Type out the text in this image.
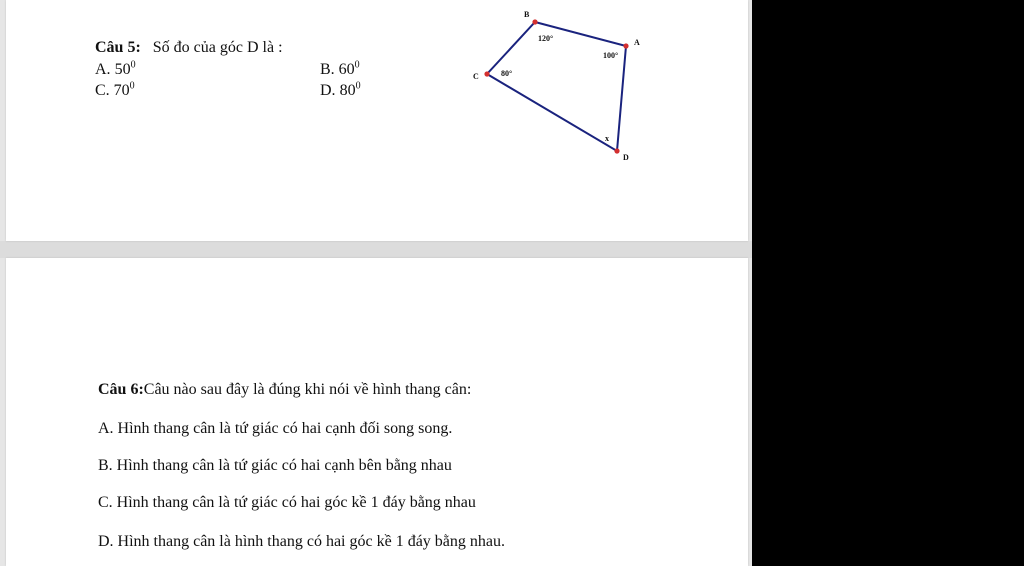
Câu 5: Số đo của góc D là :
A. $50^0$	B. $60^0$
C. $70^0$	D. $80^0$
B
A
D
C
120°
100°
80°
x
Câu 6:Câu nào sau đây là đúng khi nói về hình thang cân:
A. Hình thang cân là tứ giác có hai cạnh đối song song.
B. Hình thang cân là tứ giác có hai cạnh bên bằng nhau
C. Hình thang cân là tứ giác có hai góc kề 1 đáy bằng nhau
D. Hình thang cân là hình thang có hai góc kề 1 đáy bằng nhau.
